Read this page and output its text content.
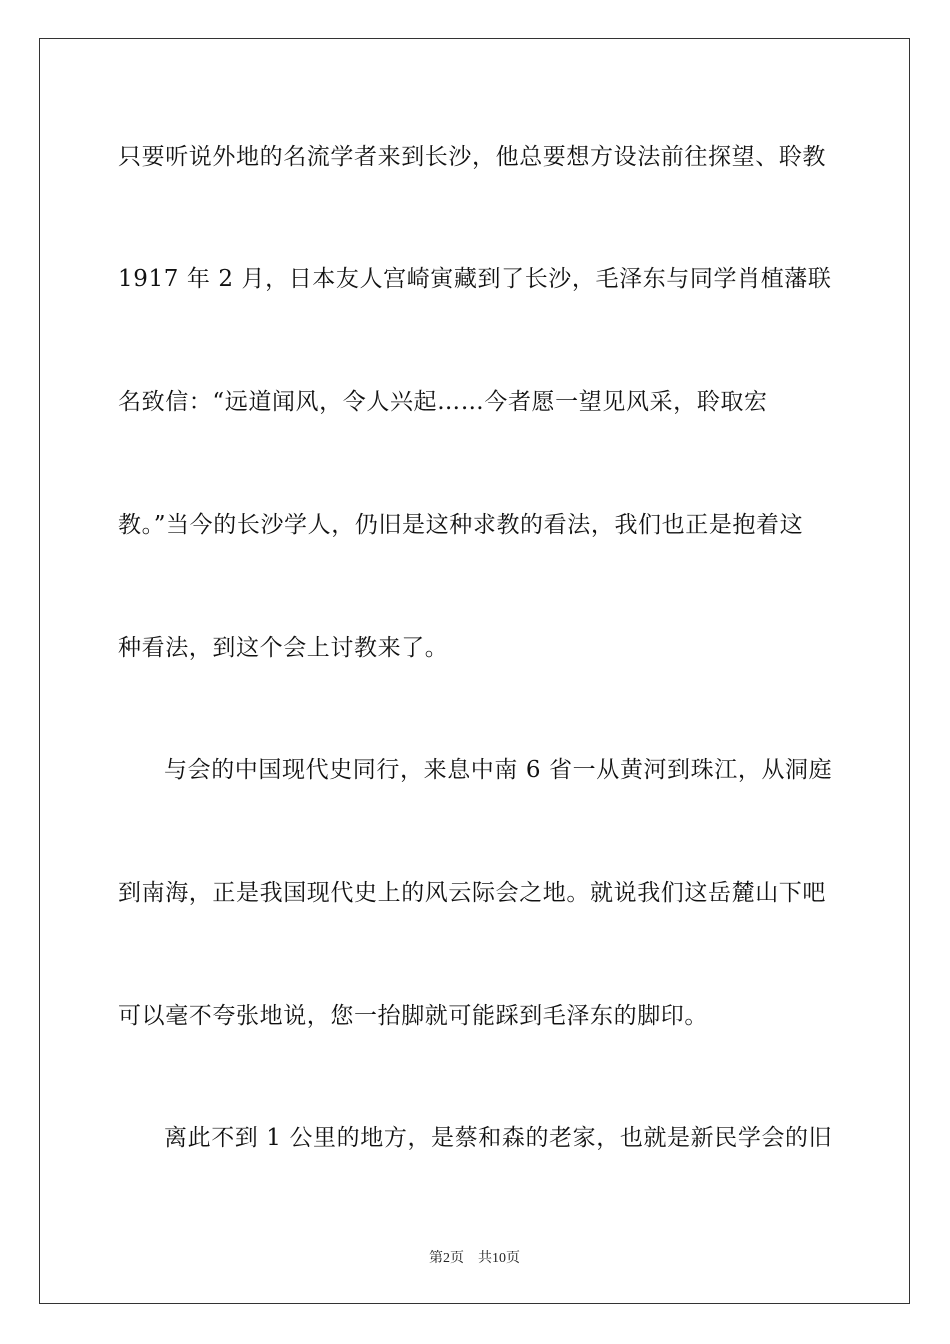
只要听说外地的名流学者来到长沙，他总要想方设法前往探望、聆教
1917 年 2 月，日本友人宫崎寅藏到了长沙，毛泽东与同学肖植藩联
名致信：“远道闻风，令人兴起……今者愿一望见风采，聆取宏
教。”当今的长沙学人，仍旧是这种求教的看法，我们也正是抱着这
种看法，到这个会上讨教来了。
与会的中国现代史同行，来息中南 6 省一从黄河到珠江，从洞庭
到南海，正是我国现代史上的风云际会之地。就说我们这岳麓山下吧
可以毫不夸张地说，您一抬脚就可能踩到毛泽东的脚印。
离此不到 1 公里的地方，是蔡和森的老家，也就是新民学会的旧
第2页 共10页
